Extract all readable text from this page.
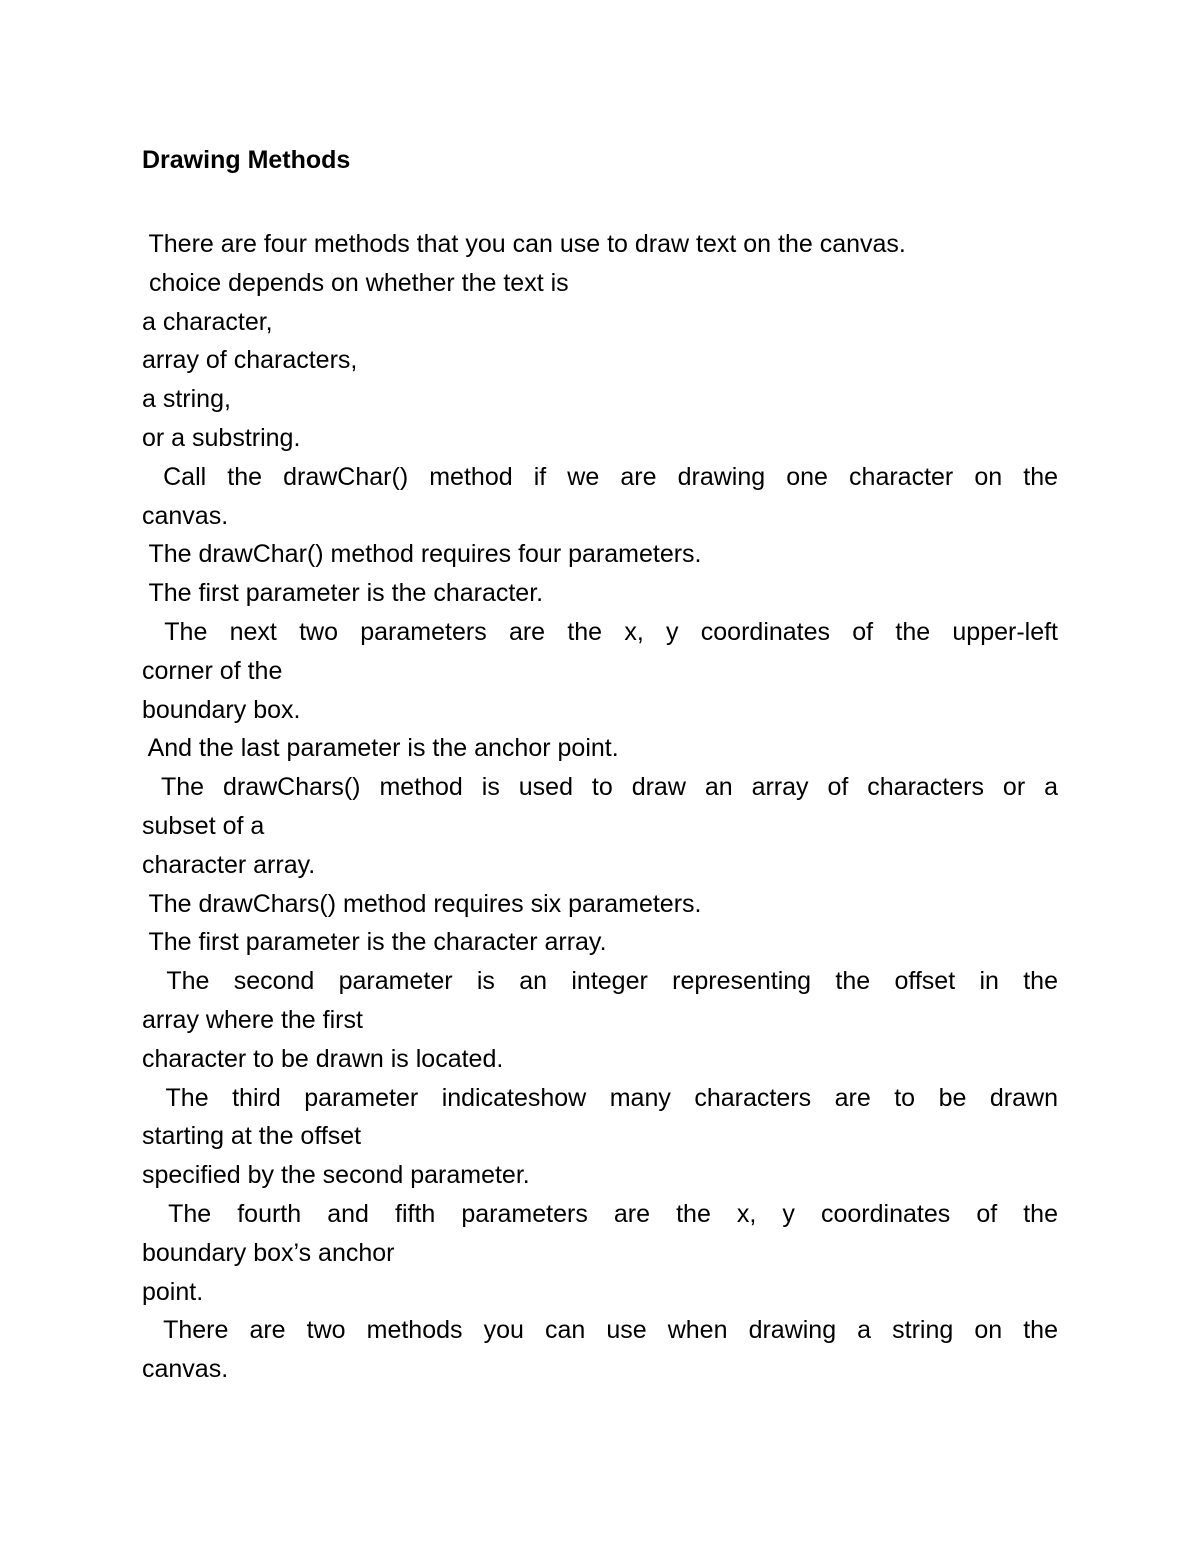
Drawing Methods
There are four methods that you can use to draw text on the canvas.
choice depends on whether the text is
a character,
array of characters,
a string,
or a substring.
Call the drawChar() method if we are drawing one character on the
canvas.
The drawChar() method requires four parameters.
The first parameter is the character.
The next two parameters are the x, y coordinates of the upper-left
corner of the
boundary box.
And the last parameter is the anchor point.
The drawChars() method is used to draw an array of characters or a
subset of a
character array.
The drawChars() method requires six parameters.
The first parameter is the character array.
The second parameter is an integer representing the offset in the
array where the first
character to be drawn is located.
The third parameter indicateshow many characters are to be drawn
starting at the offset
specified by the second parameter.
The fourth and fifth parameters are the x, y coordinates of the
boundary box’s anchor
point.
There are two methods you can use when drawing a string on the
canvas.
